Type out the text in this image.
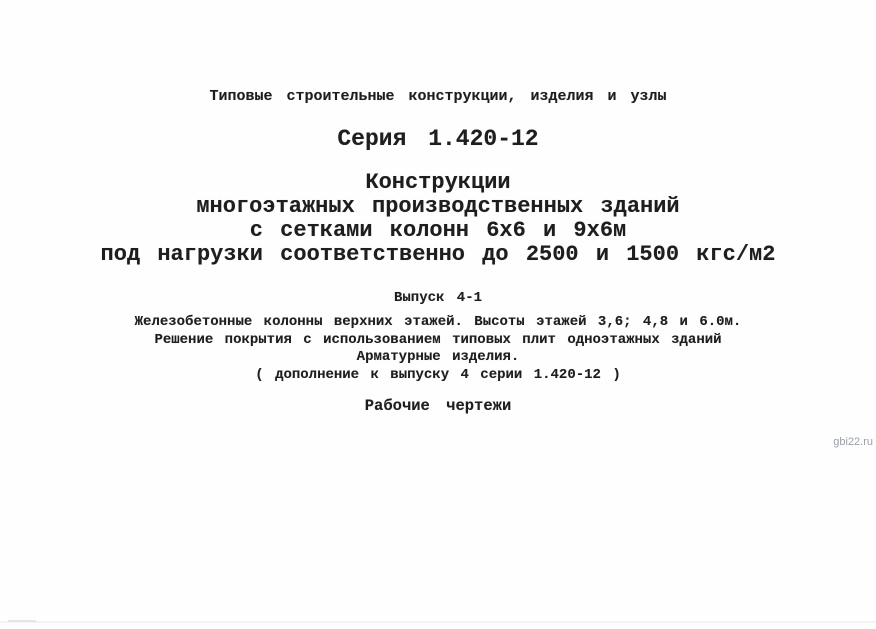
Типовые строительные конструкции, изделия и узлы
Серия 1.420-12
Конструкции
многоэтажных производственных зданий
с сетками колонн 6х6 и 9х6м
под нагрузки соответственно до 2500 и 1500 кгс/м2
Выпуск 4-1
Железобетонные колонны верхних этажей. Высоты этажей 3,6; 4,8 и 6.0м.
Решение покрытия с использованием типовых плит одноэтажных зданий
Арматурные изделия.
( дополнение к выпуску 4 серии 1.420-12 )
Рабочие чертежи
gbi22.ru
